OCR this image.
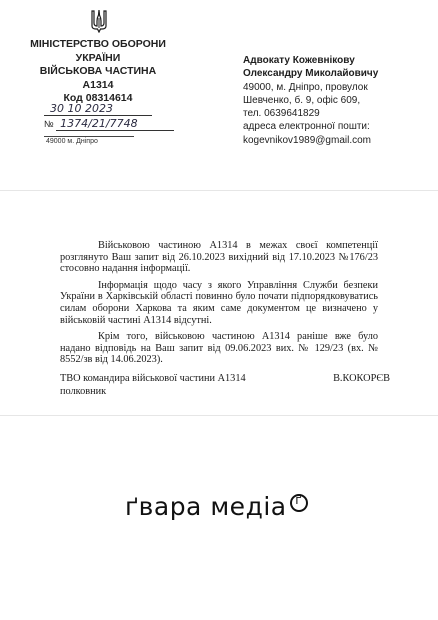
МІНІСТЕРСТВО ОБОРОНИ
УКРАЇНИ
ВІЙСЬКОВА ЧАСТИНА
А1314
Код 08314614
30 10 2023
№ 1374/21/7748
49000 м. Дніпро
Адвокату Кожевнікову
Олександру Миколайовичу
49000, м. Дніпро, провулок
Шевченко, б. 9, офіс 609,
тел. 0639641829
адреса електронної пошти:
kogevnikov1989@gmail.com

Військовою частиною А1314 в межах своєї компетенції розглянуто Ваш запит від 26.10.2023 вихідний від 17.10.2023 №176/23 стосовно надання інформації.

Інформація щодо часу з якого Управління Служби безпеки України в Харківській області повинно було почати підпорядковуватись силам оборони Харкова та яким саме документом це визначено у військовій частині А1314 відсутні.

Крім того, військовою частиною А1314 раніше вже було надано відповідь на Ваш запит від 09.06.2023 вих. № 129/23 (вх. № 8552/зв від 14.06.2023).

ТВО командира військової частини А1314
полковник
В.КОКОРЄВ
ґвара медіа ґ
